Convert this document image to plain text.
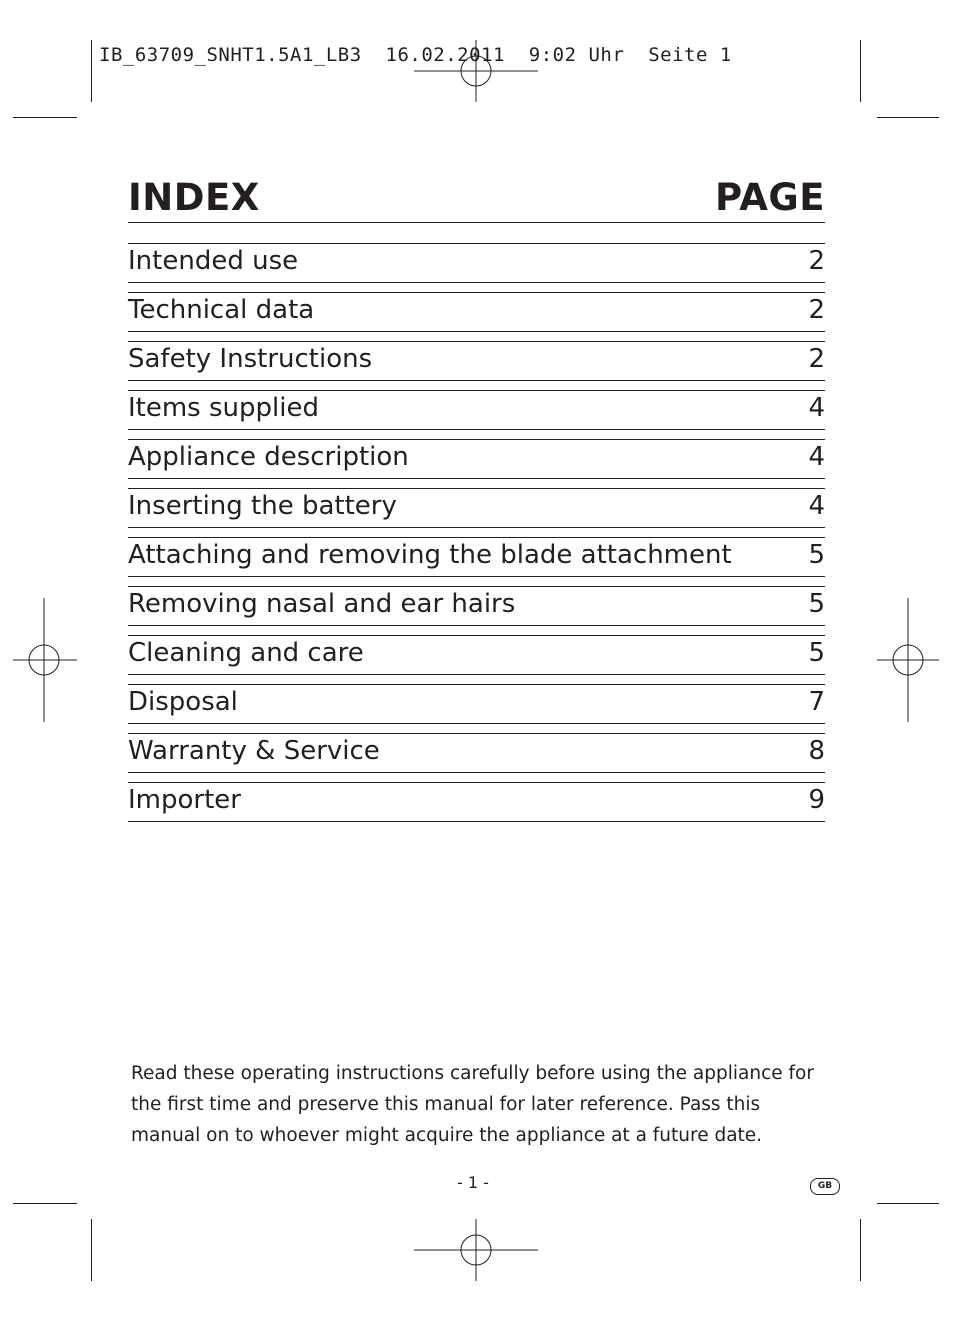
IB_63709_SNHT1.5A1_LB3  16.02.2011  9:02 Uhr  Seite 1
INDEX	PAGE
Intended use	2
Technical data	2
Safety Instructions	2
Items supplied	4
Appliance description	4
Inserting the battery	4
Attaching and removing the blade attachment	5
Removing nasal and ear hairs	5
Cleaning and care	5
Disposal	7
Warranty & Service	8
Importer	9

Read these operating instructions carefully before using the appliance for the first time and preserve this manual for later reference. Pass this manual on to whoever might acquire the appliance at a future date.

- 1 -	GB
